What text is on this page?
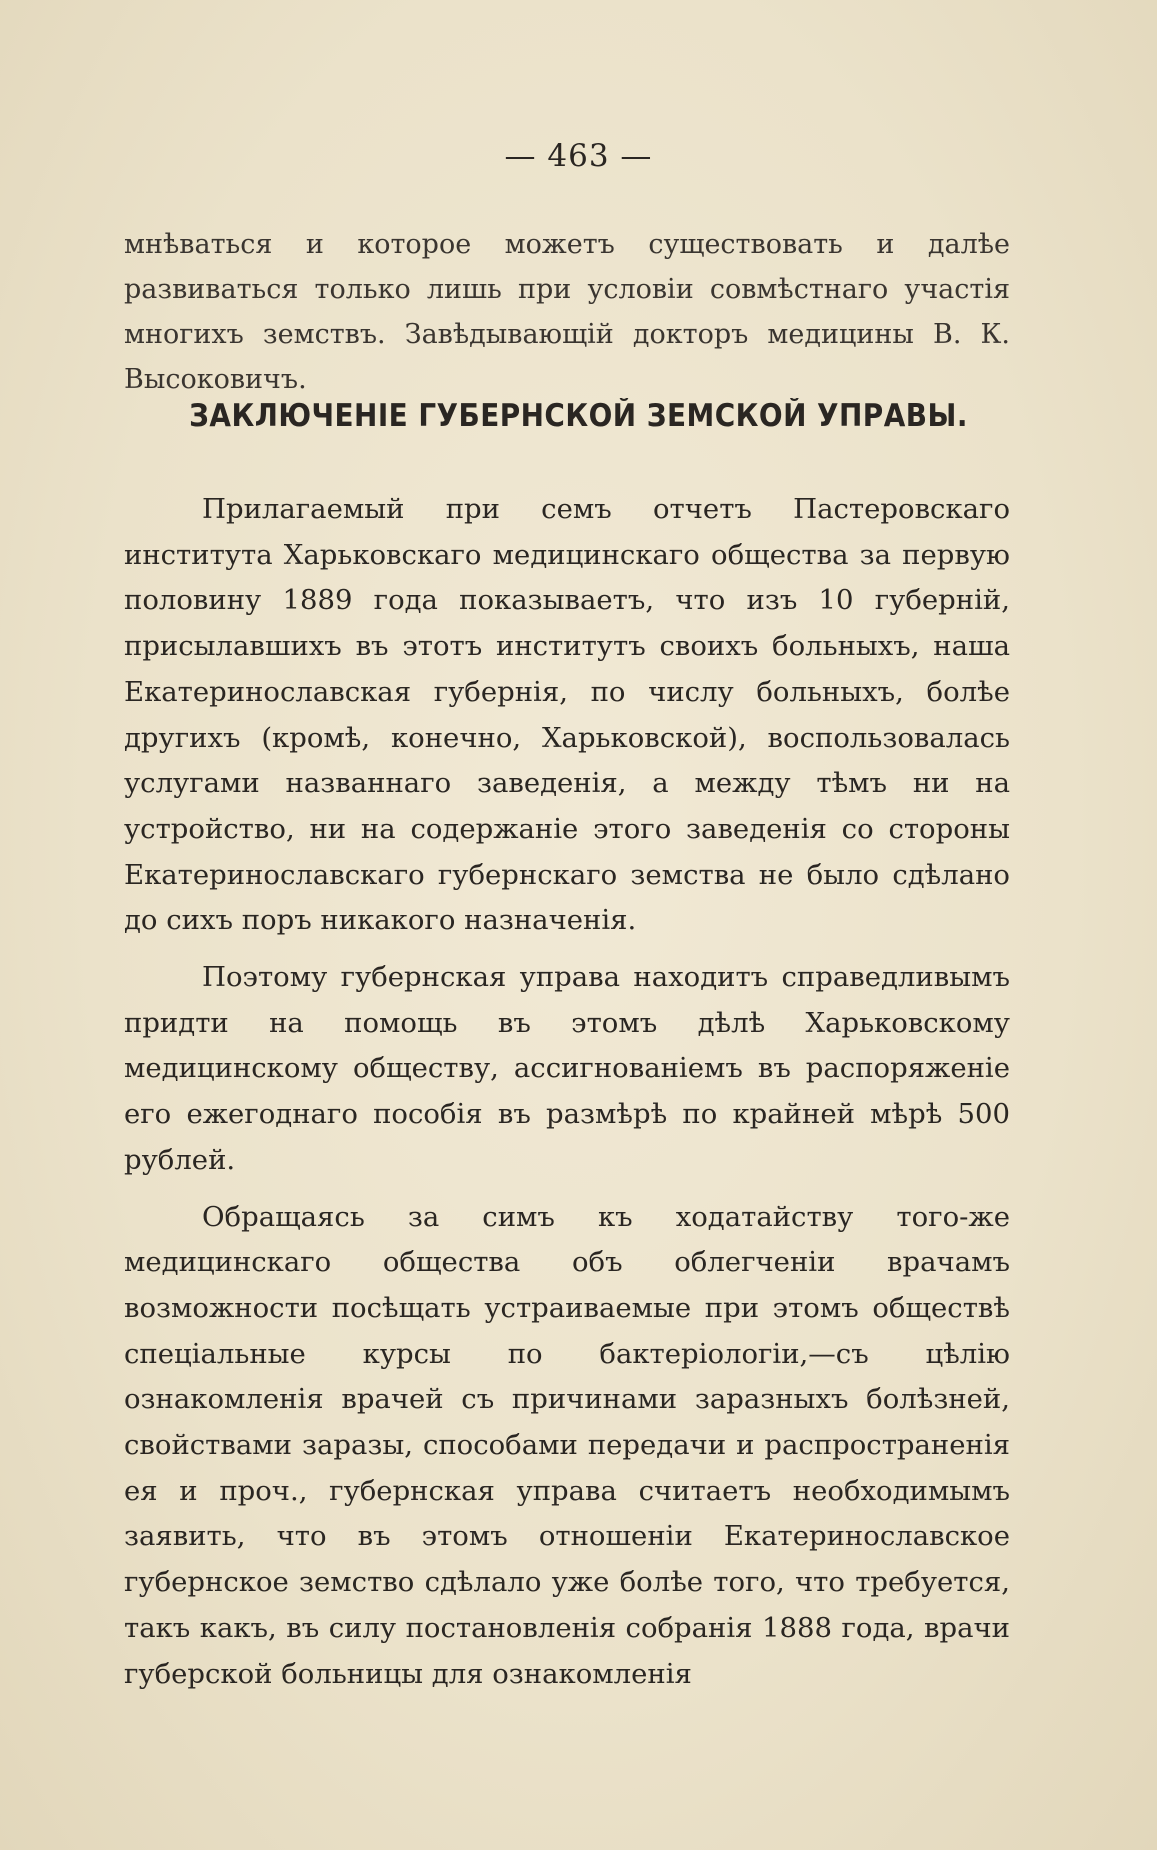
— 463 —
мнѣваться и которое можетъ существовать и далѣе развиваться только лишь при условіи совмѣстнаго участія многихъ земствъ. Завѣдывающій докторъ медицины В. К. Высоковичъ.
ЗАКЛЮЧЕНІЕ ГУБЕРНСКОЙ ЗЕМСКОЙ УПРАВЫ.

Прилагаемый при семъ отчетъ Пастеровскаго института Харьковскаго медицинскаго общества за первую половину 1889 года показываетъ, что изъ 10 губерній, присылавшихъ въ этотъ институтъ своихъ больныхъ, наша Екатеринославская губернія, по числу больныхъ, болѣе другихъ (кромѣ, конечно, Харьковской), воспользовалась услугами названнаго заведенія, а между тѣмъ ни на устройство, ни на содержаніе этого заведенія со стороны Екатеринославскаго губернскаго земства не было сдѣлано до сихъ поръ никакого назначенія.

Поэтому губернская управа находитъ справедливымъ придти на помощь въ этомъ дѣлѣ Харьковскому медицинскому обществу, ассигнованіемъ въ распоряженіе его ежегоднаго пособія въ размѣрѣ по крайней мѣрѣ 500 рублей.

Обращаясь за симъ къ ходатайству того-же медицинскаго общества объ облегченіи врачамъ возможности посѣщать устраиваемые при этомъ обществѣ спеціальные курсы по бактеріологіи,—съ цѣлію ознакомленія врачей съ причинами заразныхъ болѣзней, свойствами заразы, способами передачи и распространенія ея и проч., губернская управа считаетъ необходимымъ заявить, что въ этомъ отношеніи Екатеринославское губернское земство сдѣлало уже болѣе того, что требуется, такъ какъ, въ силу постановленія собранія 1888 года, врачи губерской больницы для ознакомленія
